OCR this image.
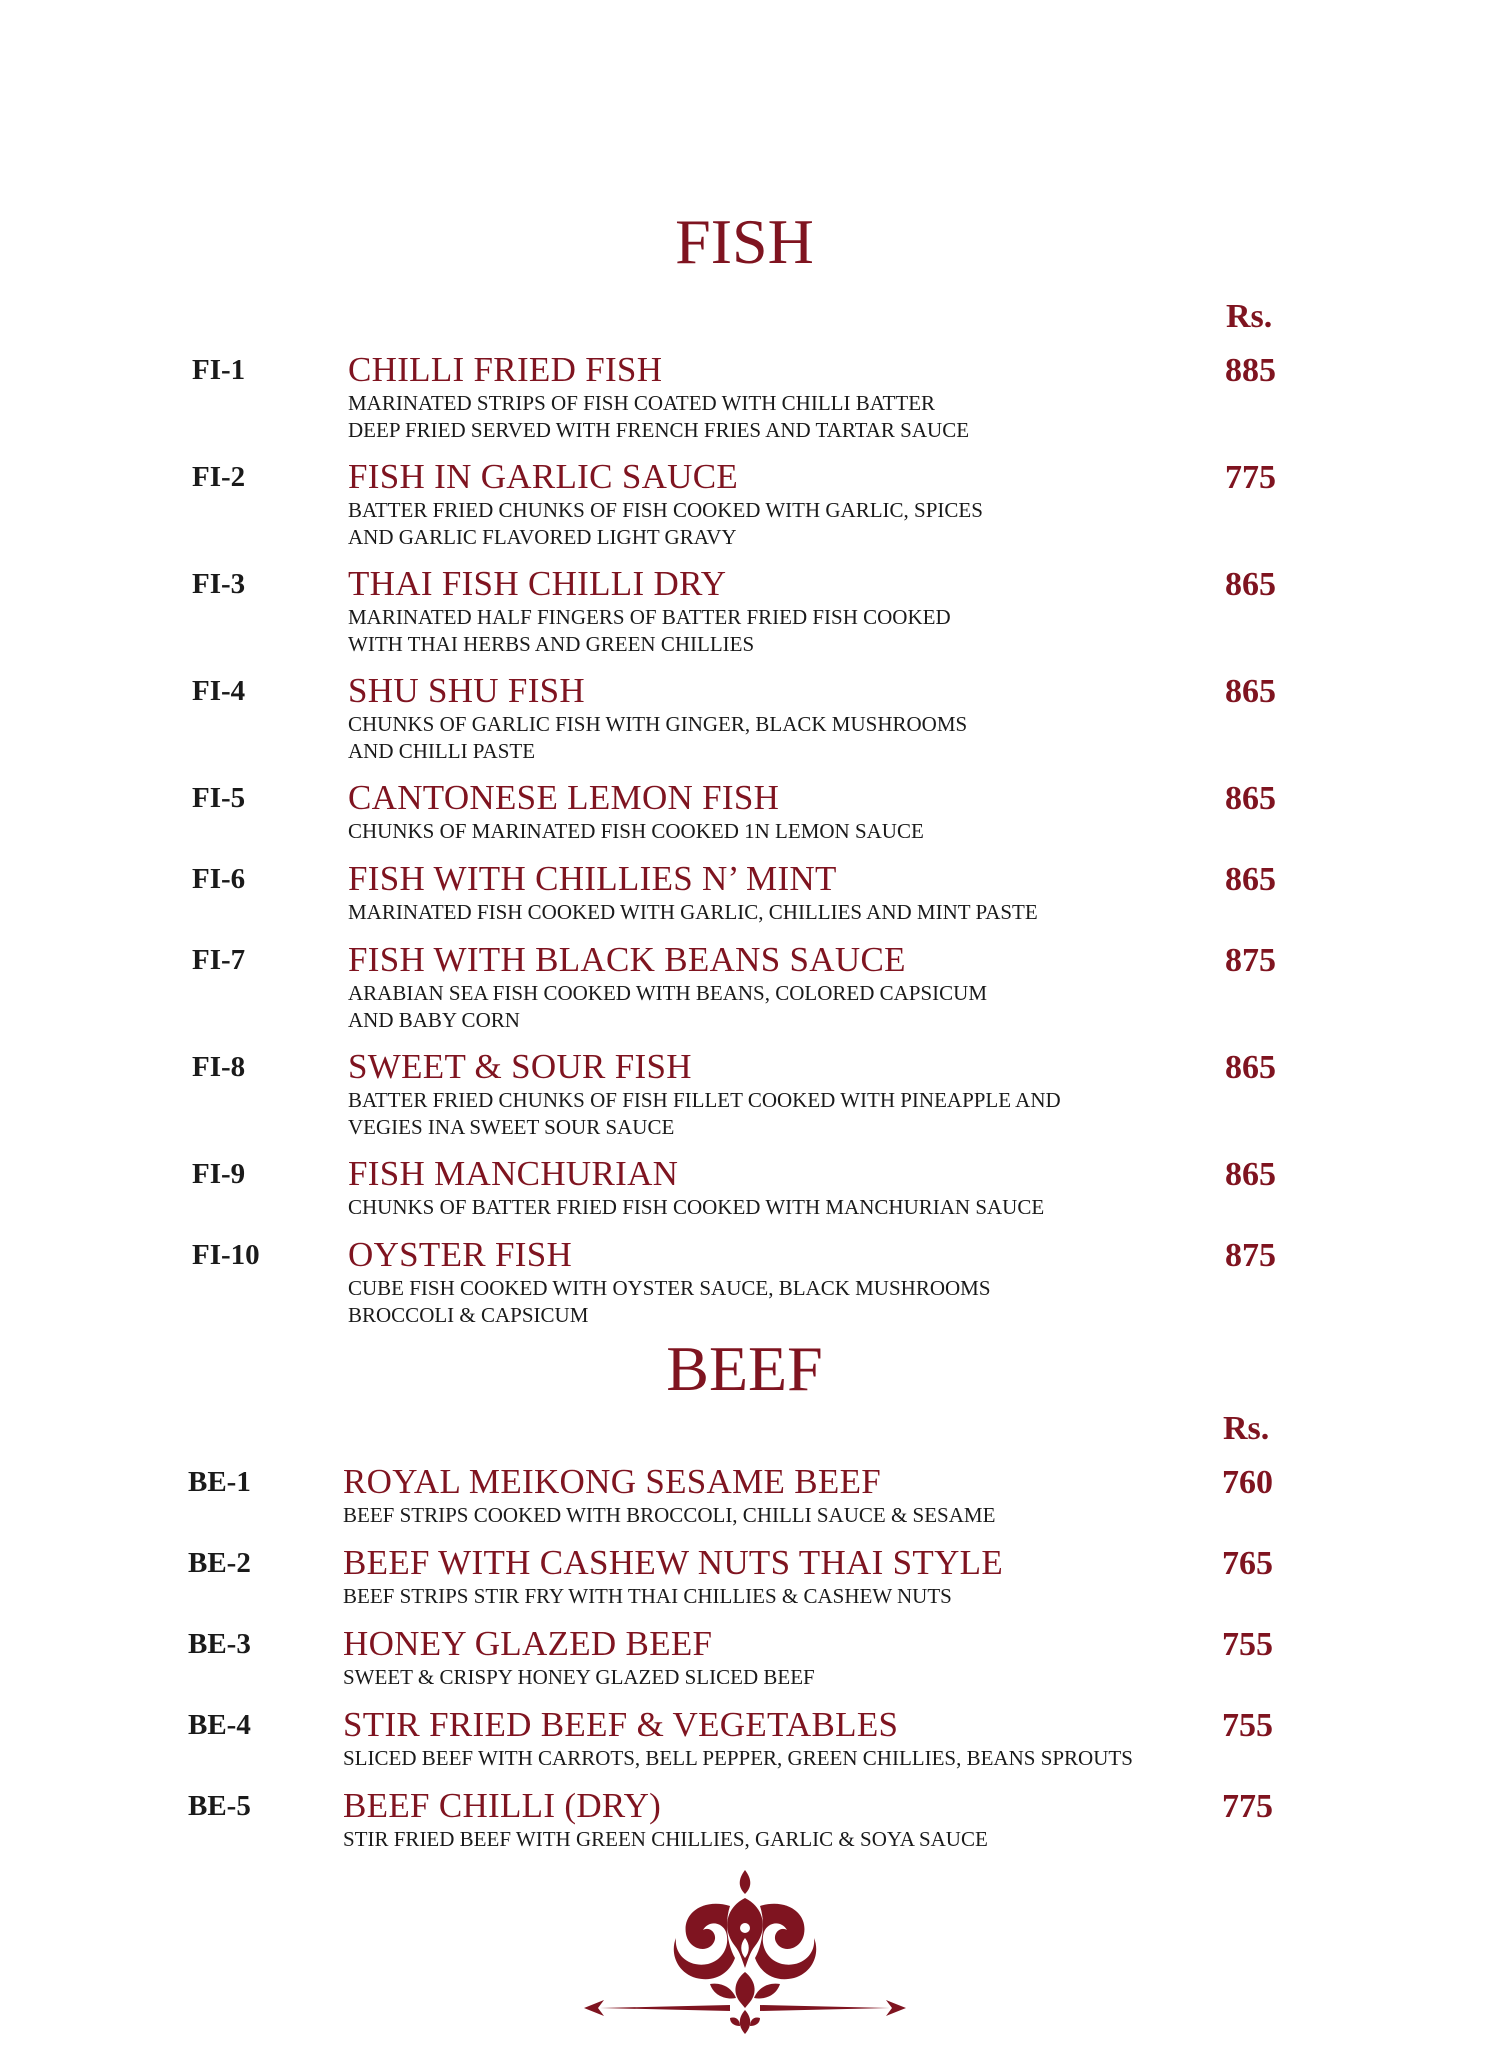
FISH
Rs.
FI-1	CHILLI FRIED FISH
MARINATED STRIPS OF FISH COATED WITH CHILLI BATTER
DEEP FRIED SERVED WITH FRENCH FRIES AND TARTAR SAUCE
885
FI-2	FISH IN GARLIC SAUCE
BATTER FRIED CHUNKS OF FISH COOKED WITH GARLIC, SPICES
AND GARLIC FLAVORED LIGHT GRAVY
775
FI-3	THAI FISH CHILLI DRY
MARINATED HALF FINGERS OF BATTER FRIED FISH COOKED
WITH THAI HERBS AND GREEN CHILLIES
865
FI-4	SHU SHU FISH
CHUNKS OF GARLIC FISH WITH GINGER, BLACK MUSHROOMS
AND CHILLI PASTE
865
FI-5	CANTONESE LEMON FISH
CHUNKS OF MARINATED FISH COOKED 1N LEMON SAUCE
865
FI-6	FISH WITH CHILLIES N’ MINT
MARINATED FISH COOKED WITH GARLIC, CHILLIES AND MINT PASTE
865
FI-7	FISH WITH BLACK BEANS SAUCE
ARABIAN SEA FISH COOKED WITH BEANS, COLORED CAPSICUM
AND BABY CORN
875
FI-8	SWEET & SOUR FISH
BATTER FRIED CHUNKS OF FISH FILLET COOKED WITH PINEAPPLE AND
VEGIES INA SWEET SOUR SAUCE
865
FI-9	FISH MANCHURIAN
CHUNKS OF BATTER FRIED FISH COOKED WITH MANCHURIAN SAUCE
865
FI-10	OYSTER FISH
CUBE FISH COOKED WITH OYSTER SAUCE, BLACK MUSHROOMS
BROCCOLI & CAPSICUM
875
BEEF
Rs.
BE-1	ROYAL MEIKONG SESAME BEEF
BEEF STRIPS COOKED WITH BROCCOLI, CHILLI SAUCE & SESAME
760
BE-2	BEEF WITH CASHEW NUTS THAI STYLE
BEEF STRIPS STIR FRY WITH THAI CHILLIES & CASHEW NUTS
765
BE-3	HONEY GLAZED BEEF
SWEET & CRISPY HONEY GLAZED SLICED BEEF
755
BE-4	STIR FRIED BEEF & VEGETABLES
SLICED BEEF WITH CARROTS, BELL PEPPER, GREEN CHILLIES, BEANS SPROUTS
755
BE-5	BEEF CHILLI (DRY)
STIR FRIED BEEF WITH GREEN CHILLIES, GARLIC & SOYA SAUCE
775
